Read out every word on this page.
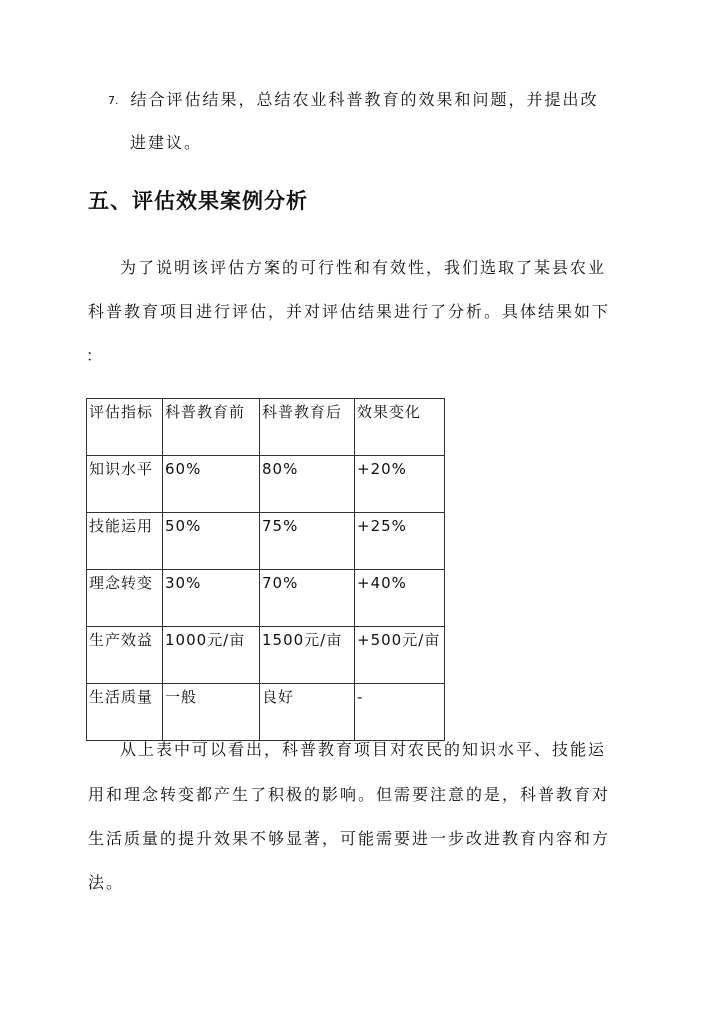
7. 结合评估结果，总结农业科普教育的效果和问题，并提出改
进建议。
五、评估效果案例分析
为了说明该评估方案的可行性和有效性，我们选取了某县农业
科普教育项目进行评估，并对评估结果进行了分析。具体结果如下
：
评估指标	科普教育前	科普教育后	效果变化
知识水平	60%	80%	+20%
技能运用	50%	75%	+25%
理念转变	30%	70%	+40%
生产效益	1000元/亩	1500元/亩	+500元/亩
生活质量	一般	良好	-
从上表中可以看出，科普教育项目对农民的知识水平、技能运
用和理念转变都产生了积极的影响。但需要注意的是，科普教育对
生活质量的提升效果不够显著，可能需要进一步改进教育内容和方
法。
